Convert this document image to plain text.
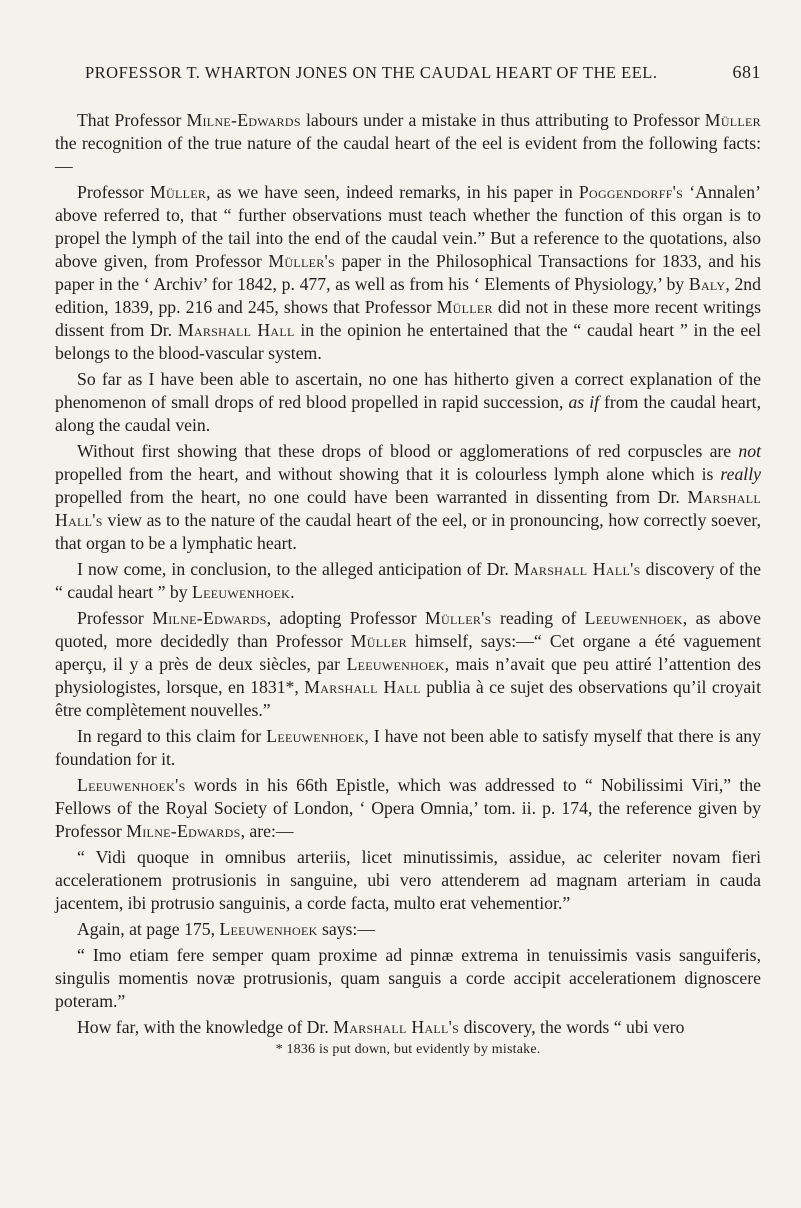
PROFESSOR T. WHARTON JONES ON THE CAUDAL HEART OF THE EEL.	681

That Professor Milne-Edwards labours under a mistake in thus attributing to Professor Müller the recognition of the true nature of the caudal heart of the eel is evident from the following facts:—

Professor Müller, as we have seen, indeed remarks, in his paper in Poggendorff's ‘Annalen’ above referred to, that “ further observations must teach whether the function of this organ is to propel the lymph of the tail into the end of the caudal vein.” But a reference to the quotations, also above given, from Professor Müller's paper in the Philosophical Transactions for 1833, and his paper in the ‘ Archiv’ for 1842, p. 477, as well as from his ‘ Elements of Physiology,’ by Baly, 2nd edition, 1839, pp. 216 and 245, shows that Professor Müller did not in these more recent writings dissent from Dr. Marshall Hall in the opinion he entertained that the “ caudal heart ” in the eel belongs to the blood-vascular system.

So far as I have been able to ascertain, no one has hitherto given a correct explanation of the phenomenon of small drops of red blood propelled in rapid succession, as if from the caudal heart, along the caudal vein.

Without first showing that these drops of blood or agglomerations of red corpuscles are not propelled from the heart, and without showing that it is colourless lymph alone which is really propelled from the heart, no one could have been warranted in dissenting from Dr. Marshall Hall's view as to the nature of the caudal heart of the eel, or in pronouncing, how correctly soever, that organ to be a lymphatic heart.

I now come, in conclusion, to the alleged anticipation of Dr. Marshall Hall's discovery of the “ caudal heart ” by Leeuwenhoek.

Professor Milne-Edwards, adopting Professor Müller's reading of Leeuwenhoek, as above quoted, more decidedly than Professor Müller himself, says:—“ Cet organe a été vaguement aperçu, il y a près de deux siècles, par Leeuwenhoek, mais n’avait que peu attiré l’attention des physiologistes, lorsque, en 1831*, Marshall Hall publia à ce sujet des observations qu’il croyait être complètement nouvelles.”

In regard to this claim for Leeuwenhoek, I have not been able to satisfy myself that there is any foundation for it.

Leeuwenhoek's words in his 66th Epistle, which was addressed to “ Nobilissimi Viri,” the Fellows of the Royal Society of London, ‘ Opera Omnia,’ tom. ii. p. 174, the reference given by Professor Milne-Edwards, are:—

“ Vidi quoque in omnibus arteriis, licet minutissimis, assidue, ac celeriter novam fieri accelerationem protrusionis in sanguine, ubi vero attenderem ad magnam arteriam in cauda jacentem, ibi protrusio sanguinis, a corde facta, multo erat vehementior.”

Again, at page 175, Leeuwenhoek says:—

“ Imo etiam fere semper quam proxime ad pinnæ extrema in tenuissimis vasis sanguiferis, singulis momentis novæ protrusionis, quam sanguis a corde accipit accelerationem dignoscere poteram.”

How far, with the knowledge of Dr. Marshall Hall's discovery, the words “ ubi vero

* 1836 is put down, but evidently by mistake.
